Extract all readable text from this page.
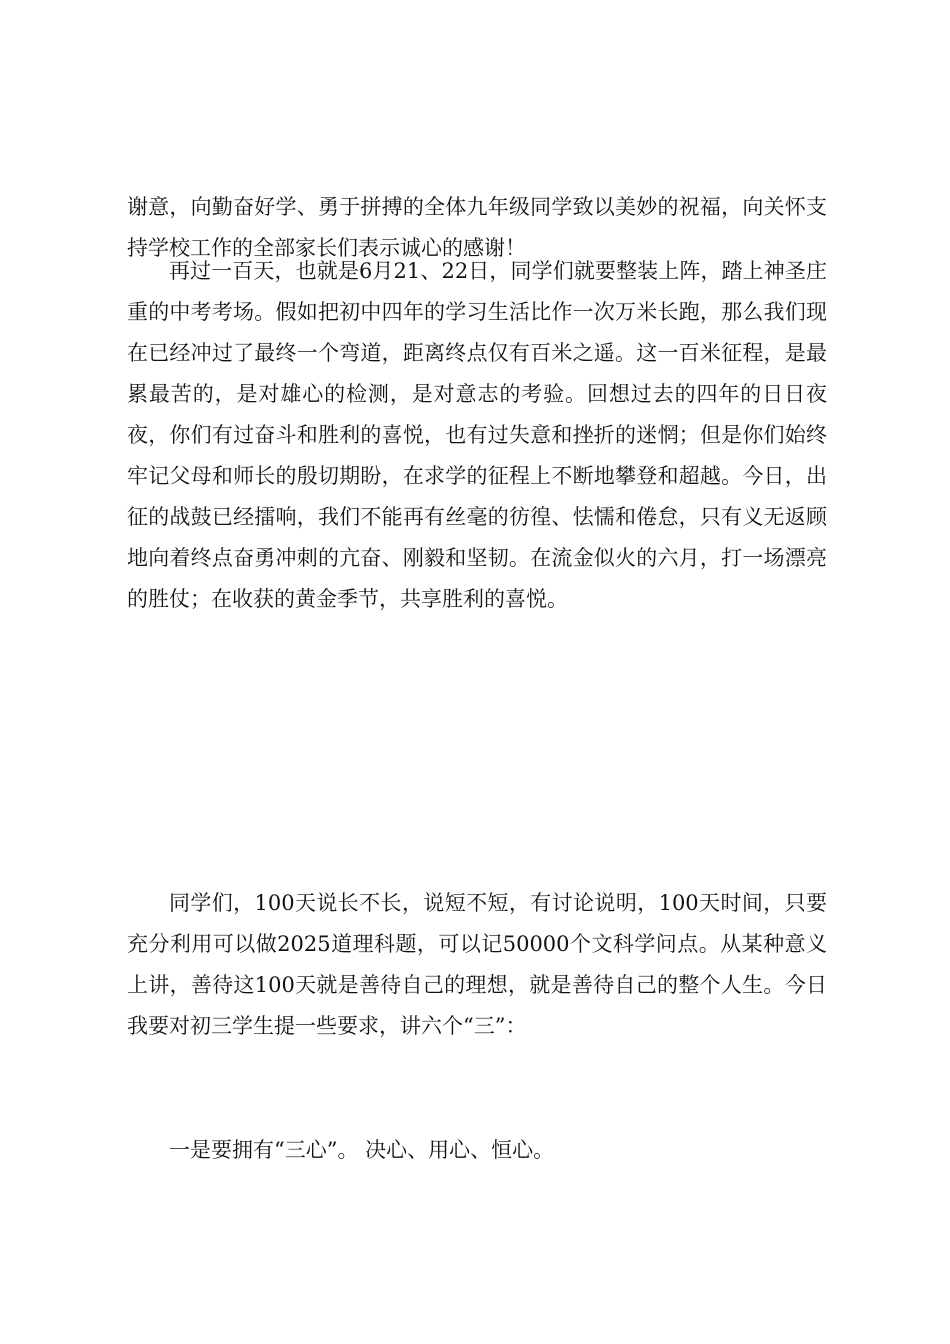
谢意，向勤奋好学、勇于拼搏的全体九年级同学致以美妙的祝福，向关怀支持学校工作的全部家长们表示诚心的感谢！

再过一百天，也就是6月21、22日，同学们就要整装上阵，踏上神圣庄重的中考考场。假如把初中四年的学习生活比作一次万米长跑，那么我们现在已经冲过了最终一个弯道，距离终点仅有百米之遥。这一百米征程，是最累最苦的，是对雄心的检测，是对意志的考验。回想过去的四年的日日夜夜，你们有过奋斗和胜利的喜悦，也有过失意和挫折的迷惘；但是你们始终牢记父母和师长的殷切期盼，在求学的征程上不断地攀登和超越。今日，出征的战鼓已经擂响，我们不能再有丝毫的彷徨、怯懦和倦怠，只有义无返顾地向着终点奋勇冲刺的亢奋、刚毅和坚韧。在流金似火的六月，打一场漂亮的胜仗；在收获的黄金季节，共享胜利的喜悦。

同学们，100天说长不长，说短不短，有讨论说明，100天时间，只要充分利用可以做2025道理科题，可以记50000个文科学问点。从某种意义上讲，善待这100天就是善待自己的理想，就是善待自己的整个人生。今日我要对初三学生提一些要求，讲六个“三”：

一是要拥有“三心”。 决心、用心、恒心。
